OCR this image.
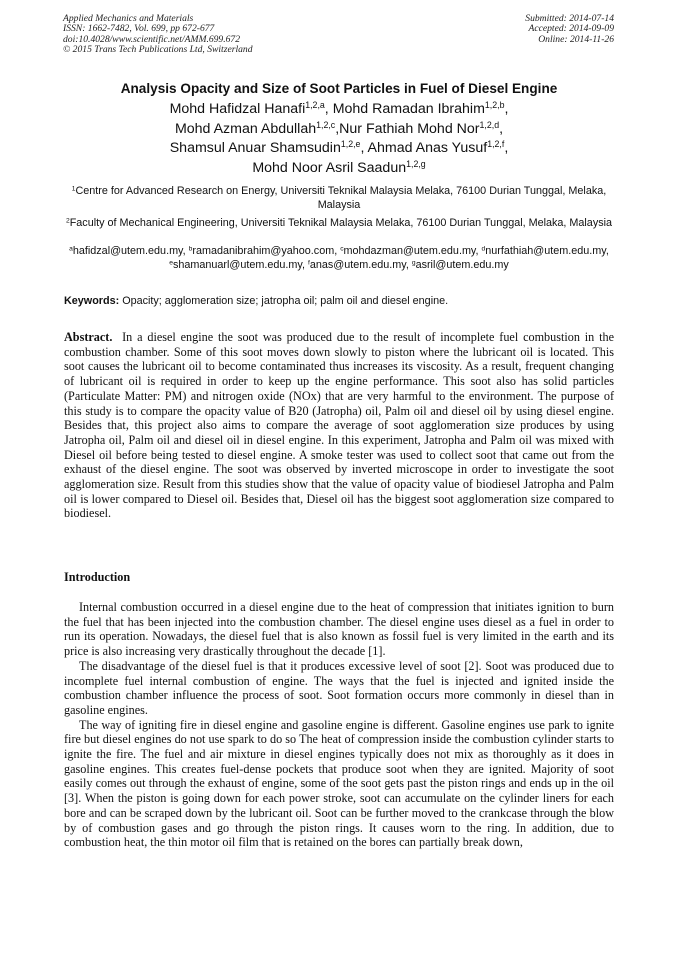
Applied Mechanics and Materials
ISSN: 1662-7482, Vol. 699, pp 672-677
doi:10.4028/www.scientific.net/AMM.699.672
© 2015 Trans Tech Publications Ltd, Switzerland
Submitted: 2014-07-14
Accepted: 2014-09-09
Online: 2014-11-26
Analysis Opacity and Size of Soot Particles in Fuel of Diesel Engine
Mohd Hafidzal Hanafi$^{1,2,a}$, Mohd Ramadan Ibrahim$^{1,2,b}$,
Mohd Azman Abdullah$^{1,2,c}$,Nur Fathiah Mohd Nor$^{1,2,d}$,
Shamsul Anuar Shamsudin$^{1,2,e}$, Ahmad Anas Yusuf$^{1,2,f}$,
Mohd Noor Asril Saadun$^{1,2,g}$
$^1$Centre for Advanced Research on Energy, Universiti Teknikal Malaysia Melaka, 76100 Durian Tunggal, Melaka, Malaysia
$^2$Faculty of Mechanical Engineering, Universiti Teknikal Malaysia Melaka, 76100 Durian Tunggal, Melaka, Malaysia
$^a$hafidzal@utem.edu.my, $^b$ramadanibrahim@yahoo.com, $^c$mohdazman@utem.edu.my, $^d$nurfathiah@utem.edu.my, $^e$shamanuarl@utem.edu.my, $^f$anas@utem.edu.my, $^g$asril@utem.edu.my
Keywords: Opacity; agglomeration size; jatropha oil; palm oil and diesel engine.
Abstract. In a diesel engine the soot was produced due to the result of incomplete fuel combustion in the combustion chamber. Some of this soot moves down slowly to piston where the lubricant oil is located. This soot causes the lubricant oil to become contaminated thus increases its viscosity. As a result, frequent changing of lubricant oil is required in order to keep up the engine performance. This soot also has solid particles (Particulate Matter: PM) and nitrogen oxide (NOx) that are very harmful to the environment. The purpose of this study is to compare the opacity value of B20 (Jatropha) oil, Palm oil and diesel oil by using diesel engine. Besides that, this project also aims to compare the average of soot agglomeration size produces by using Jatropha oil, Palm oil and diesel oil in diesel engine. In this experiment, Jatropha and Palm oil was mixed with Diesel oil before being tested to diesel engine. A smoke tester was used to collect soot that came out from the exhaust of the diesel engine. The soot was observed by inverted microscope in order to investigate the soot agglomeration size. Result from this studies show that the value of opacity value of biodiesel Jatropha and Palm oil is lower compared to Diesel oil. Besides that, Diesel oil has the biggest soot agglomeration size compared to biodiesel.
Introduction

Internal combustion occurred in a diesel engine due to the heat of compression that initiates ignition to burn the fuel that has been injected into the combustion chamber. The diesel engine uses diesel as a fuel in order to run its operation. Nowadays, the diesel fuel that is also known as fossil fuel is very limited in the earth and its price is also increasing very drastically throughout the decade [1].

The disadvantage of the diesel fuel is that it produces excessive level of soot [2]. Soot was produced due to incomplete fuel internal combustion of engine. The ways that the fuel is injected and ignited inside the combustion chamber influence the process of soot. Soot formation occurs more commonly in diesel than in gasoline engines.

The way of igniting fire in diesel engine and gasoline engine is different. Gasoline engines use park to ignite fire but diesel engines do not use spark to do so The heat of compression inside the combustion cylinder starts to ignite the fire. The fuel and air mixture in diesel engines typically does not mix as thoroughly as it does in gasoline engines. This creates fuel-dense pockets that produce soot when they are ignited. Majority of soot easily comes out through the exhaust of engine, some of the soot gets past the piston rings and ends up in the oil [3]. When the piston is going down for each power stroke, soot can accumulate on the cylinder liners for each bore and can be scraped down by the lubricant oil. Soot can be further moved to the crankcase through the blow by of combustion gases and go through the piston rings. It causes worn to the ring. In addition, due to combustion heat, the thin motor oil film that is retained on the bores can partially break down,
